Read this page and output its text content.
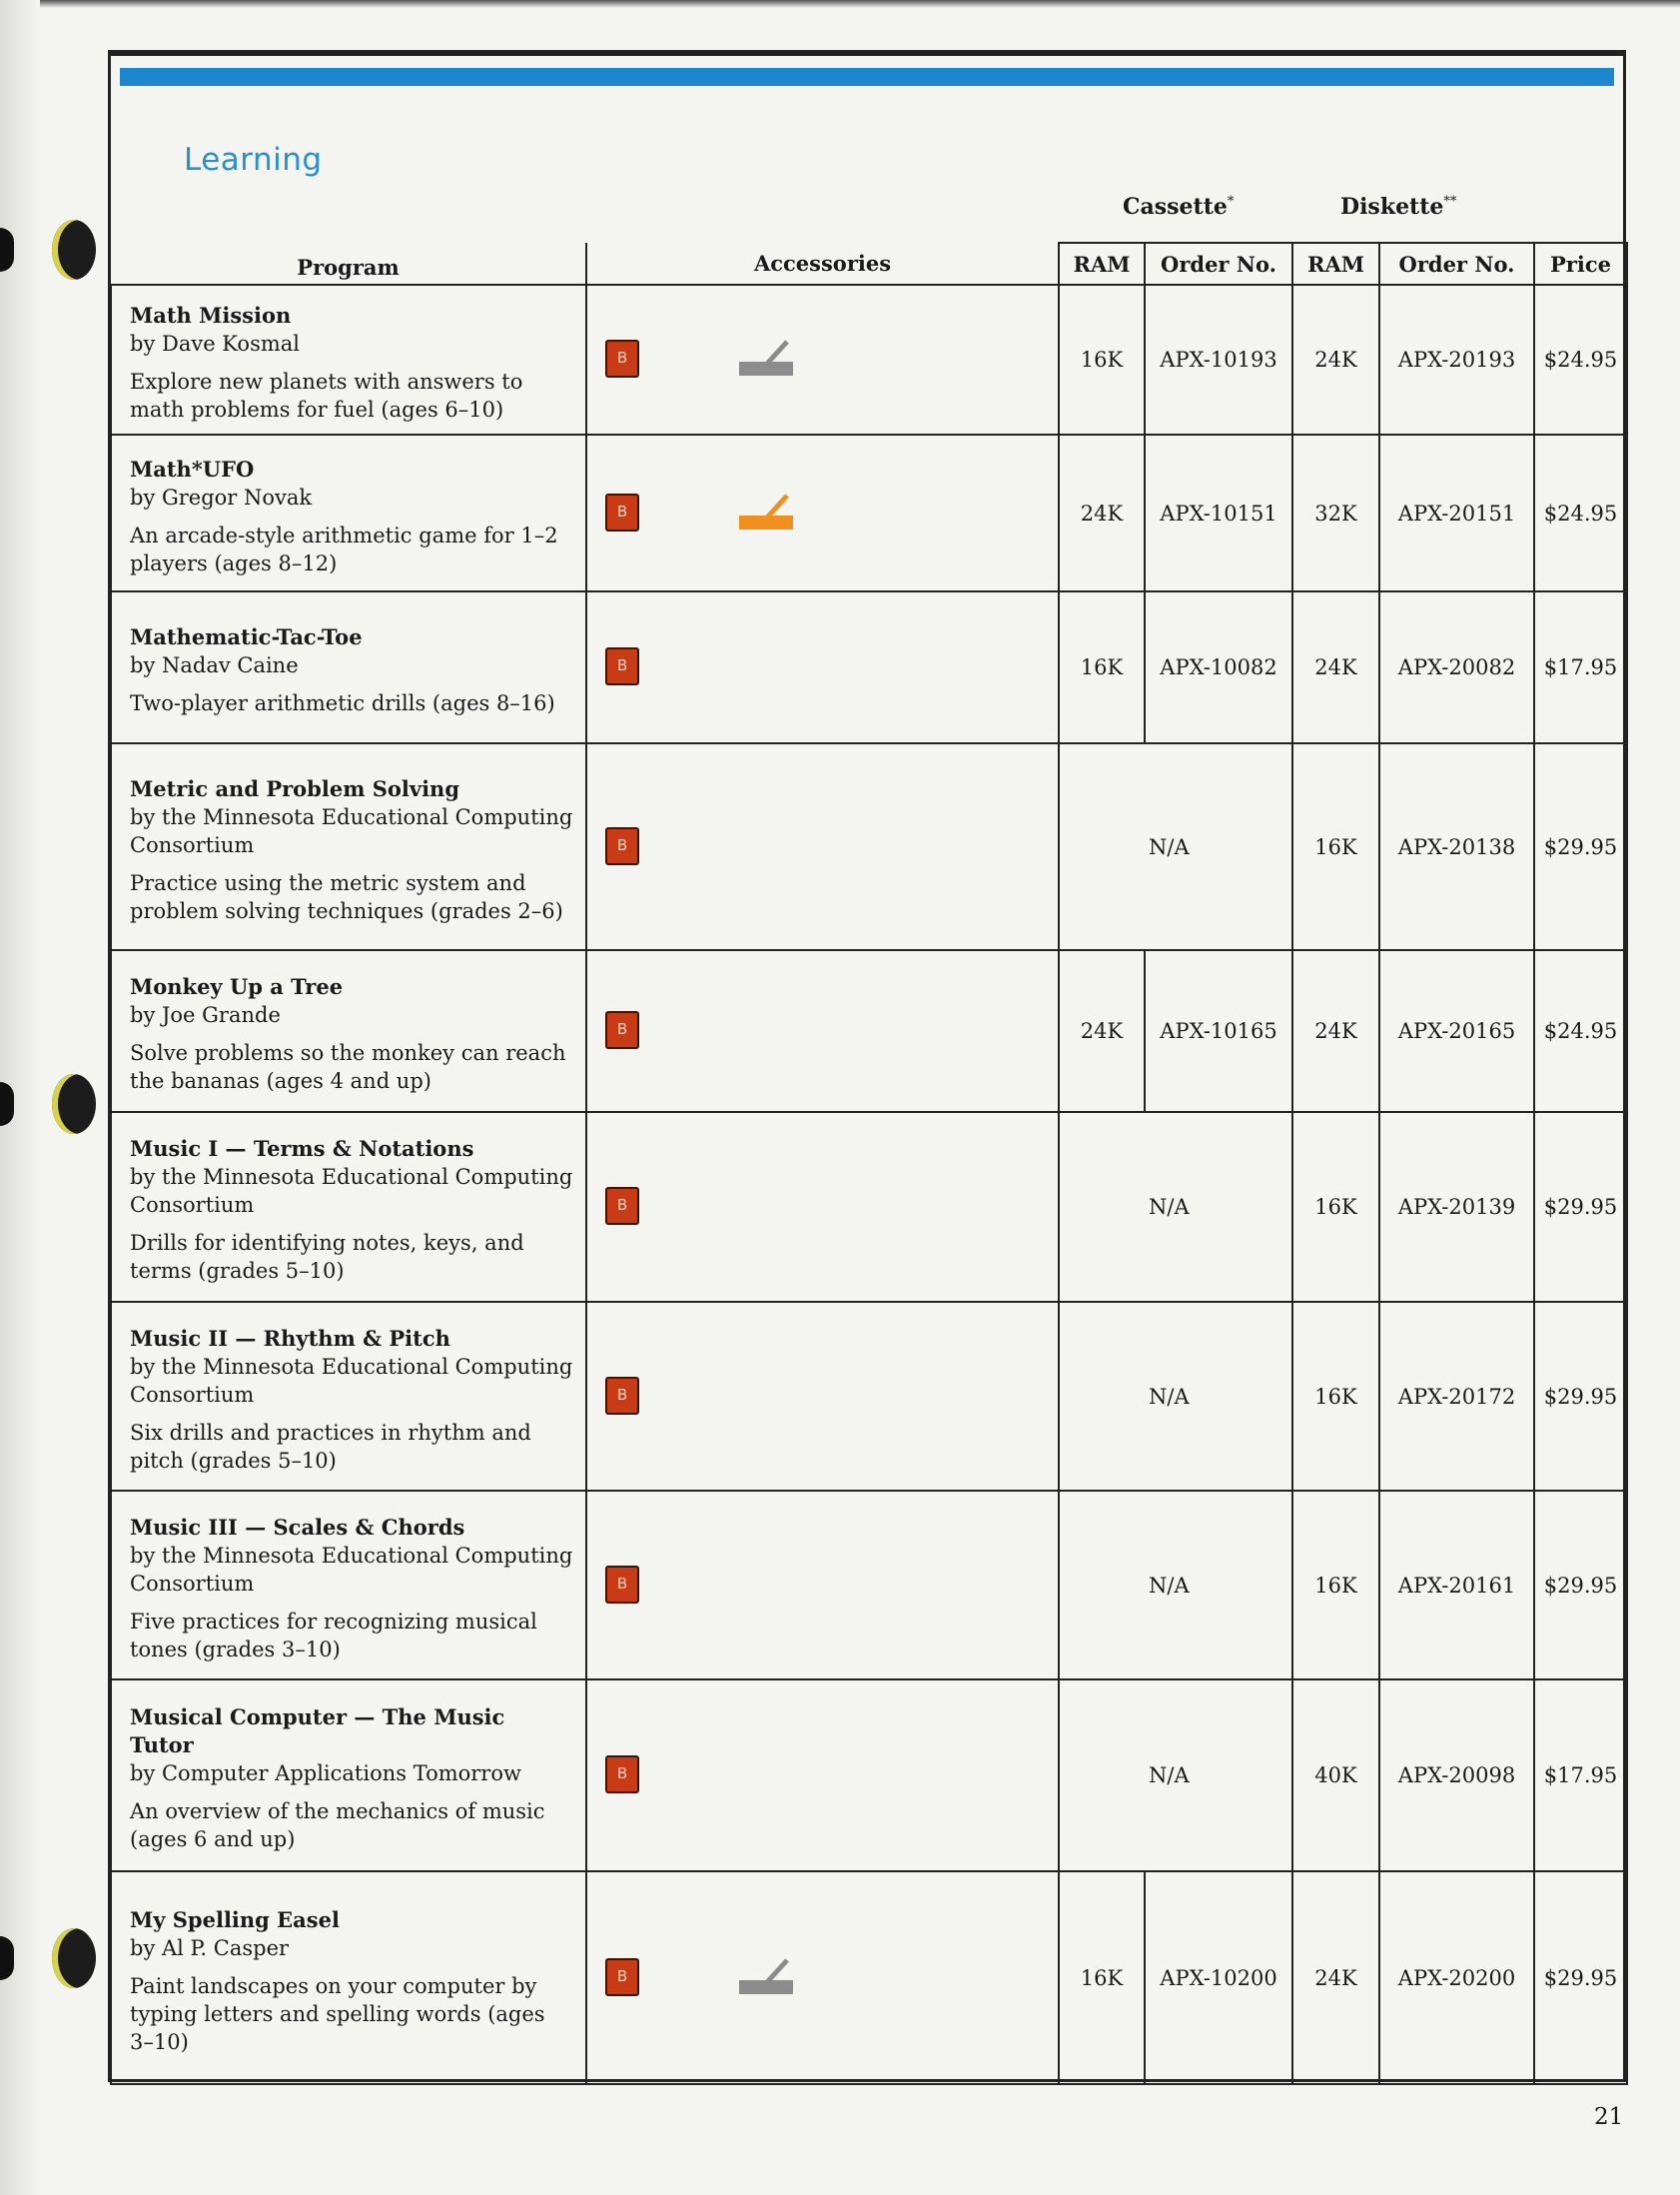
Learning
Cassette*	Diskette**
Program	Accessories	RAM	Order No.	RAM	Order No.	Price

Math Mission
by Dave Kosmal
Explore new planets with answers to math problems for fuel (ages 6–10)	B	16K	APX-10193	24K	APX-20193	$24.95

Math*UFO
by Gregor Novak
An arcade-style arithmetic game for 1–2 players (ages 8–12)	B	24K	APX-10151	32K	APX-20151	$24.95

Mathematic-Tac-Toe
by Nadav Caine
Two-player arithmetic drills (ages 8–16)	B	16K	APX-10082	24K	APX-20082	$17.95

Metric and Problem Solving
by the Minnesota Educational Computing Consortium
Practice using the metric system and problem solving techniques (grades 2–6)	B		N/A	16K	APX-20138	$29.95

Monkey Up a Tree
by Joe Grande
Solve problems so the monkey can reach the bananas (ages 4 and up)	B	24K	APX-10165	24K	APX-20165	$24.95

Music I — Terms & Notations
by the Minnesota Educational Computing Consortium
Drills for identifying notes, keys, and terms (grades 5–10)	B		N/A	16K	APX-20139	$29.95

Music II — Rhythm & Pitch
by the Minnesota Educational Computing Consortium
Six drills and practices in rhythm and pitch (grades 5–10)	B		N/A	16K	APX-20172	$29.95

Music III — Scales & Chords
by the Minnesota Educational Computing Consortium
Five practices for recognizing musical tones (grades 3–10)	B		N/A	16K	APX-20161	$29.95

Musical Computer — The Music Tutor
by Computer Applications Tomorrow
An overview of the mechanics of music (ages 6 and up)	B		N/A	40K	APX-20098	$17.95

My Spelling Easel
by Al P. Casper
Paint landscapes on your computer by typing letters and spelling words (ages 3–10)	B	16K	APX-10200	24K	APX-20200	$29.95
21
